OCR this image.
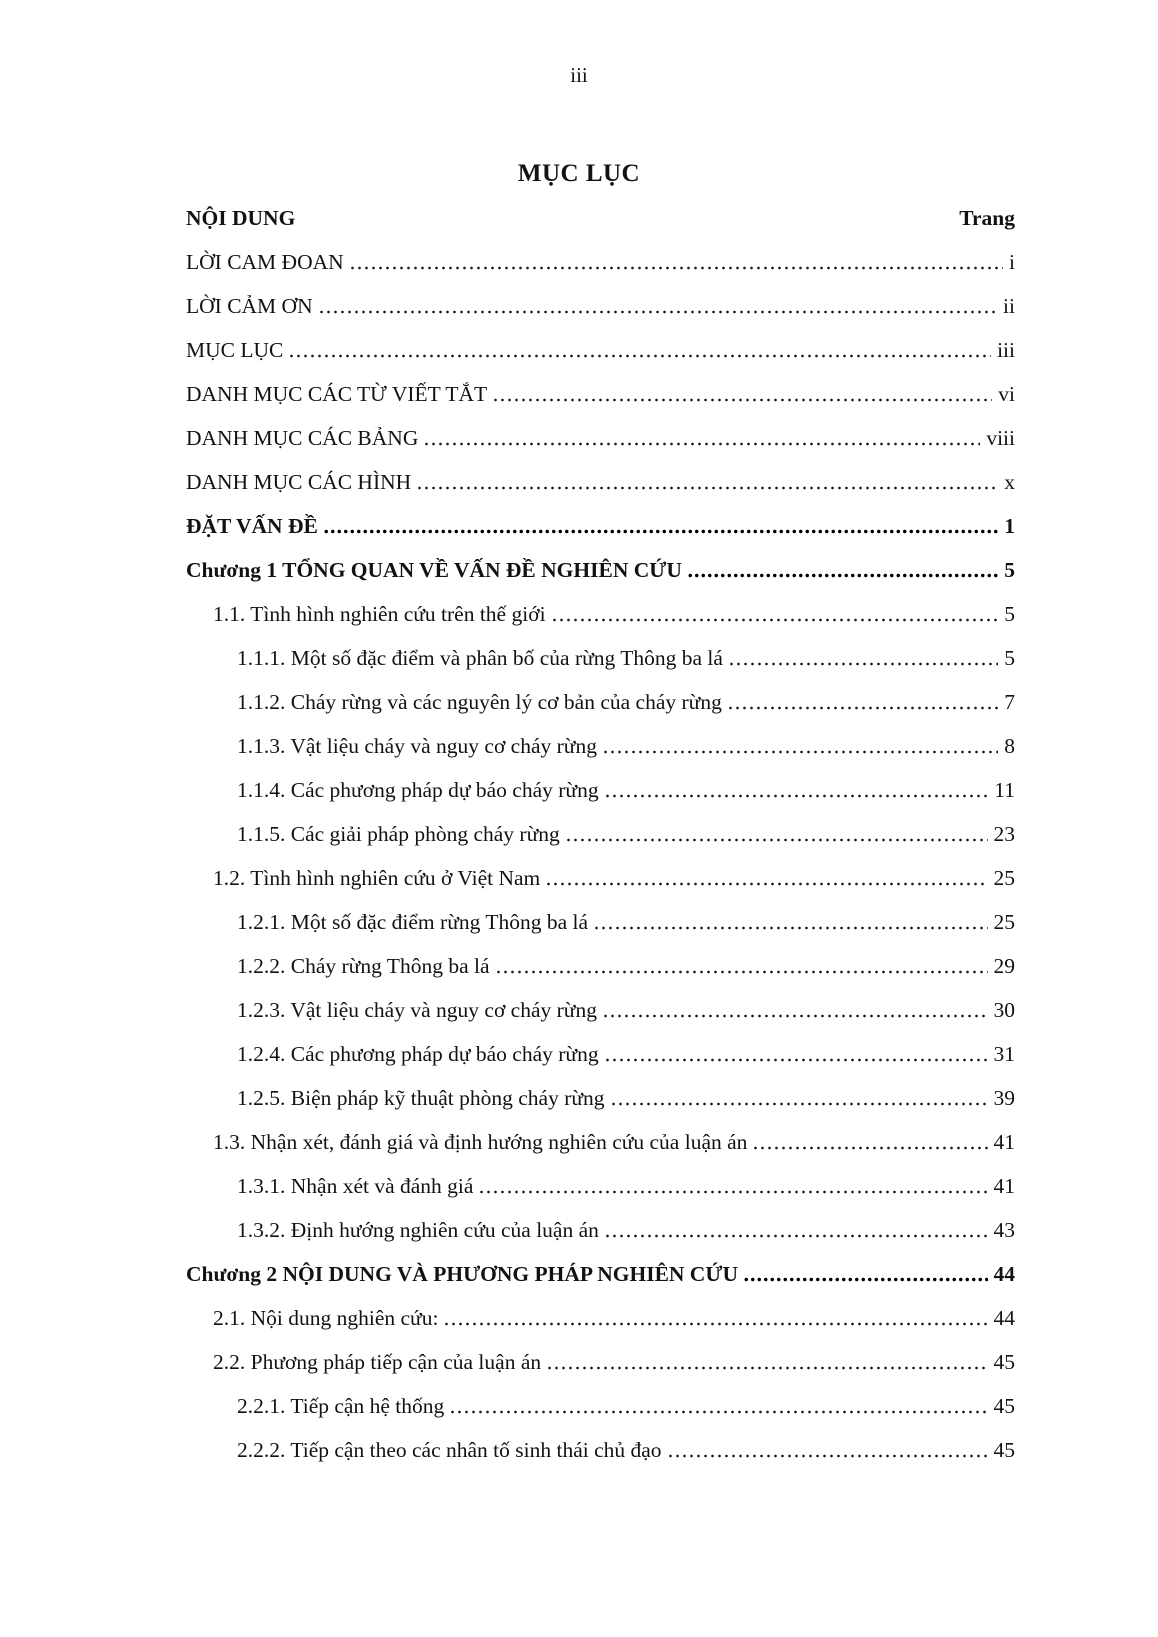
iii
MỤC LỤC
NỘI DUNG	Trang
LỜI CAM ĐOAN	i
LỜI CẢM ƠN	ii
MỤC LỤC	iii
DANH MỤC CÁC TỪ VIẾT TẮT	vi
DANH MỤC CÁC BẢNG	viii
DANH MỤC CÁC HÌNH	x
ĐẶT VẤN ĐỀ	1
Chương 1 TỔNG QUAN VỀ VẤN ĐỀ NGHIÊN CỨU	5
1.1. Tình hình nghiên cứu trên thế giới	5
1.1.1. Một số đặc điểm và phân bố của rừng Thông ba lá	5
1.1.2. Cháy rừng và các nguyên lý cơ bản của cháy rừng	7
1.1.3. Vật liệu cháy và nguy cơ cháy rừng	8
1.1.4. Các phương pháp dự báo cháy rừng	11
1.1.5. Các giải pháp phòng cháy rừng	23
1.2. Tình hình nghiên cứu ở Việt Nam	25
1.2.1. Một số đặc điểm rừng Thông ba lá	25
1.2.2. Cháy rừng Thông ba lá	29
1.2.3. Vật liệu cháy và nguy cơ cháy rừng	30
1.2.4. Các phương pháp dự báo cháy rừng	31
1.2.5. Biện pháp kỹ thuật phòng cháy rừng	39
1.3. Nhận xét, đánh giá và định hướng nghiên cứu của luận án	41
1.3.1. Nhận xét và đánh giá	41
1.3.2. Định hướng nghiên cứu của luận án	43
Chương 2 NỘI DUNG VÀ PHƯƠNG PHÁP NGHIÊN CỨU	44
2.1. Nội dung nghiên cứu:	44
2.2. Phương pháp tiếp cận của luận án	45
2.2.1. Tiếp cận hệ thống	45
2.2.2. Tiếp cận theo các nhân tố sinh thái chủ đạo	45
